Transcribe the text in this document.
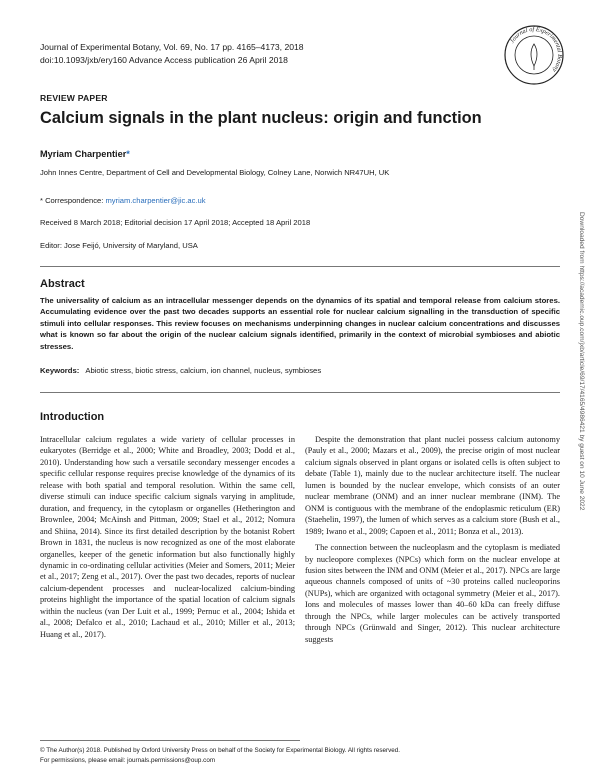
Journal of Experimental Botany, Vol. 69, No. 17 pp. 4165–4173, 2018
doi:10.1093/jxb/ery160 Advance Access publication 26 April 2018
Journal of Experimental Botany
REVIEW PAPER
Calcium signals in the plant nucleus: origin and function
Myriam Charpentier*
John Innes Centre, Department of Cell and Developmental Biology, Colney Lane, Norwich NR47UH, UK
* Correspondence: myriam.charpentier@jic.ac.uk
Received 8 March 2018; Editorial decision 17 April 2018; Accepted 18 April 2018
Editor: Jose Feijó, University of Maryland, USA
Abstract
The universality of calcium as an intracellular messenger depends on the dynamics of its spatial and temporal release from calcium stores. Accumulating evidence over the past two decades supports an essential role for nuclear calcium signalling in the transduction of specific stimuli into cellular responses. This review focuses on mechanisms underpinning changes in nuclear calcium concentrations and discusses what is known so far about the origin of the nuclear calcium signals identified, primarily in the context of microbial symbioses and abiotic stresses.
Keywords: Abiotic stress, biotic stress, calcium, ion channel, nucleus, symbioses
Introduction

Intracellular calcium regulates a wide variety of cellular processes in eukaryotes (Berridge et al., 2000; White and Broadley, 2003; Dodd et al., 2010). Understanding how such a versatile secondary messenger encodes a specific cellular response requires precise knowledge of the dynamics of its release with both spatial and temporal resolution. Within the same cell, diverse stimuli can induce specific calcium signals varying in amplitude, duration, and frequency, in the cytoplasm or organelles (Hetherington and Brownlee, 2004; McAinsh and Pittman, 2009; Stael et al., 2012; Nomura and Shiina, 2014). Since its first detailed description by the botanist Robert Brown in 1831, the nucleus is now recognized as one of the most elaborate organelles, keeper of the genetic information but also functionally highly dynamic in co-ordinating cellular activities (Meier and Somers, 2011; Meier et al., 2017; Zeng et al., 2017). Over the past two decades, reports of nuclear calcium-dependent processes and nuclear-localized calcium-binding proteins highlight the importance of the spatial location of calcium signals within the nucleus (van Der Luit et al., 1999; Pernuc et al., 2004; Ishida et al., 2008; Defalco et al., 2010; Lachaud et al., 2010; Miller et al., 2013; Huang et al., 2017).

Despite the demonstration that plant nuclei possess calcium autonomy (Pauly et al., 2000; Mazars et al., 2009), the precise origin of most nuclear calcium signals observed in plant organs or isolated cells is often subject to debate (Table 1), mainly due to the nuclear architecture itself. The nuclear lumen is bounded by the nuclear envelope, which consists of an outer nuclear membrane (ONM) and an inner nuclear membrane (INM). The ONM is contiguous with the membrane of the endoplasmic reticulum (ER) (Staehelin, 1997), the lumen of which serves as a calcium store (Bush et al., 1989; Iwano et al., 2009; Capoen et al., 2011; Bonza et al., 2013).

The connection between the nucleoplasm and the cytoplasm is mediated by nucleopore complexes (NPCs) which form on the nuclear envelope at fusion sites between the INM and ONM (Meier et al., 2017). NPCs are large aqueous channels composed of units of ~30 proteins called nucleoporins (NUPs), which are organized with octagonal symmetry (Meier et al., 2017). Ions and molecules of masses lower than 40–60 kDa can freely diffuse through the NPCs, while larger molecules can be actively transported through NPCs (Grünwald and Singer, 2012). This nuclear architecture suggests

Downloaded from https://academic.oup.com/jxb/article/69/17/4165/4986421 by guest on 10 June 2022
© The Author(s) 2018. Published by Oxford University Press on behalf of the Society for Experimental Biology. All rights reserved.
For permissions, please email: journals.permissions@oup.com
